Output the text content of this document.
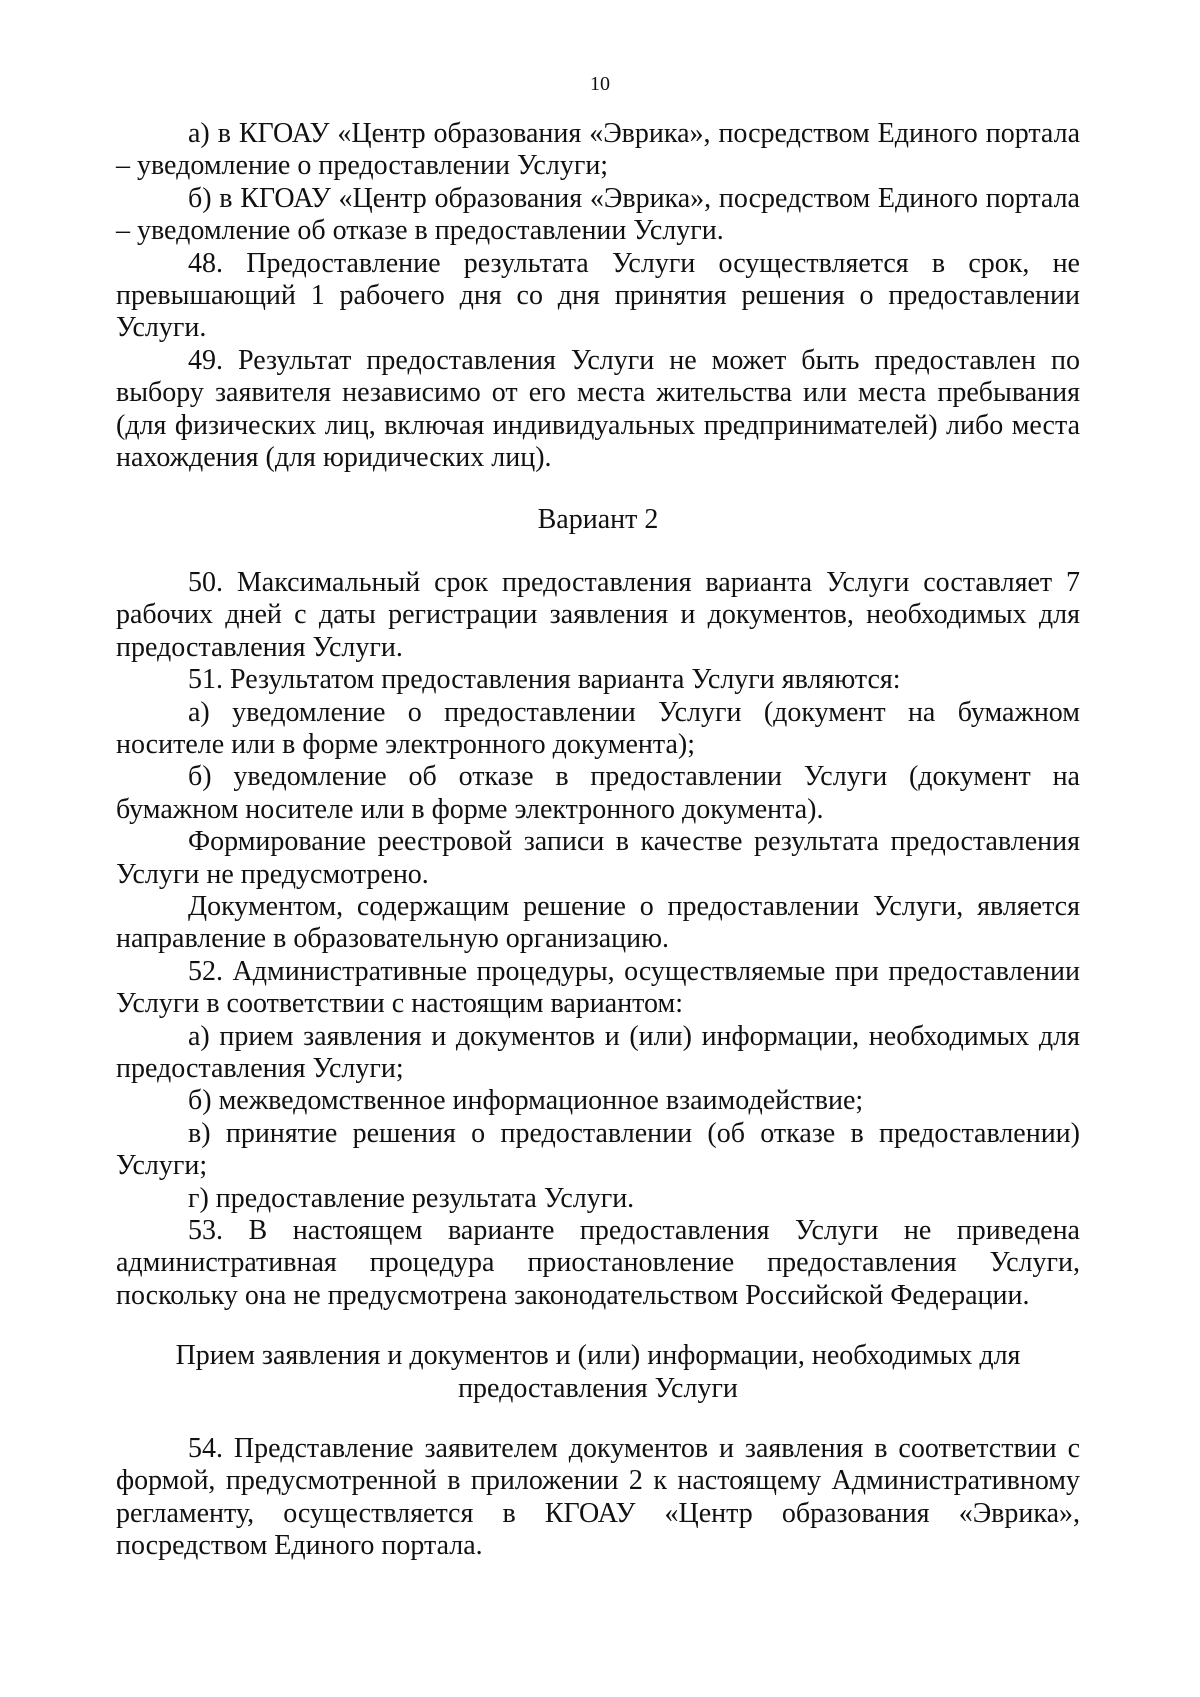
10

а) в КГОАУ «Центр образования «Эврика», посредством Единого портала – уведомление о предоставлении Услуги;

б) в КГОАУ «Центр образования «Эврика», посредством Единого портала – уведомление об отказе в предоставлении Услуги.

48. Предоставление результата Услуги осуществляется в срок, не превышающий 1 рабочего дня со дня принятия решения о предоставлении Услуги.

49. Результат предоставления Услуги не может быть предоставлен по выбору заявителя независимо от его места жительства или места пребывания (для физических лиц, включая индивидуальных предпринимателей) либо места нахождения (для юридических лиц).

Вариант 2

50. Максимальный срок предоставления варианта Услуги составляет 7 рабочих дней с даты регистрации заявления и документов, необходимых для предоставления Услуги.

51. Результатом предоставления варианта Услуги являются:

а) уведомление о предоставлении Услуги (документ на бумажном носителе или в форме электронного документа);

б) уведомление об отказе в предоставлении Услуги (документ на бумажном носителе или в форме электронного документа).

Формирование реестровой записи в качестве результата предоставления Услуги не предусмотрено.

Документом, содержащим решение о предоставлении Услуги, является направление в образовательную организацию.

52. Административные процедуры, осуществляемые при предоставлении Услуги в соответствии с настоящим вариантом:

а) прием заявления и документов и (или) информации, необходимых для предоставления Услуги;

б) межведомственное информационное взаимодействие;

в) принятие решения о предоставлении (об отказе в предоставлении) Услуги;

г) предоставление результата Услуги.

53. В настоящем варианте предоставления Услуги не приведена административная процедура приостановление предоставления Услуги, поскольку она не предусмотрена законодательством Российской Федерации.

Прием заявления и документов и (или) информации, необходимых для
предоставления Услуги

54. Представление заявителем документов и заявления в соответствии с формой, предусмотренной в приложении 2 к настоящему Административному регламенту, осуществляется в КГОАУ «Центр образования «Эврика», посредством Единого портала.
